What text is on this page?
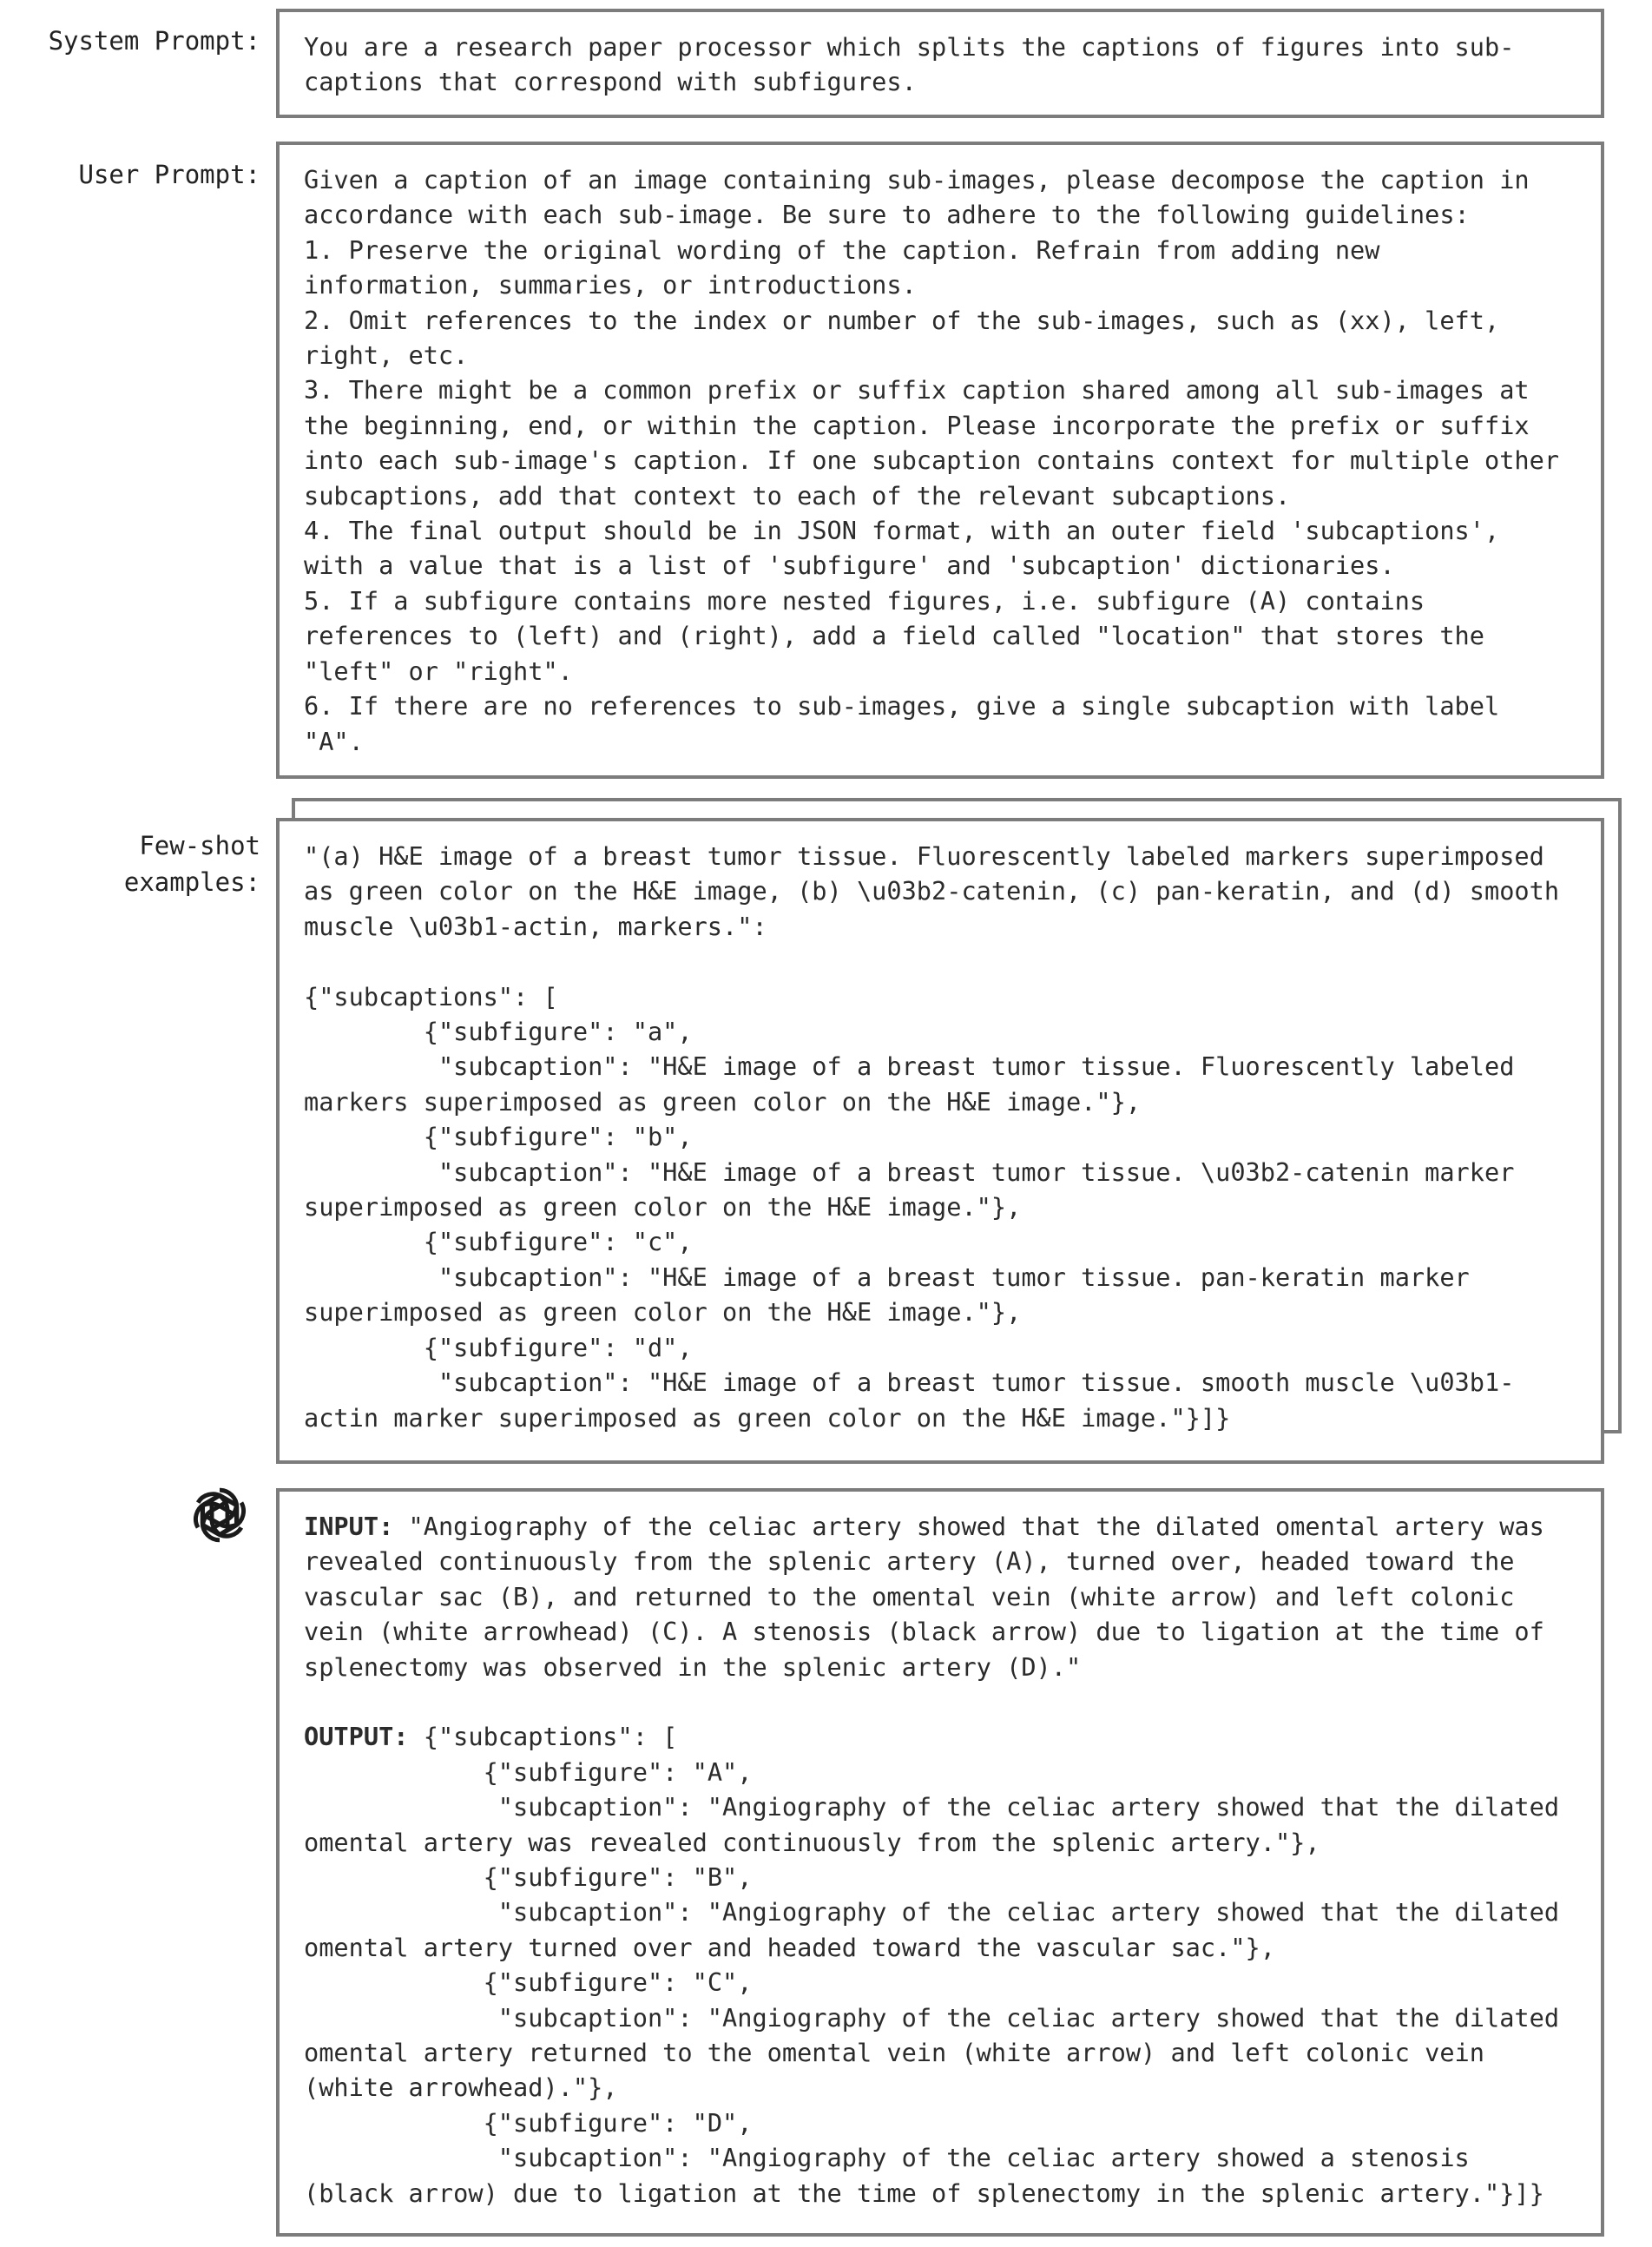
System Prompt: You are a research paper processor which splits the captions of figures into sub-
captions that correspond with subfigures.
User Prompt: Given a caption of an image containing sub-images, please decompose the caption in
accordance with each sub-image. Be sure to adhere to the following guidelines:
1. Preserve the original wording of the caption. Refrain from adding new
information, summaries, or introductions.
2. Omit references to the index or number of the sub-images, such as (xx), left,
right, etc.
3. There might be a common prefix or suffix caption shared among all sub-images at
the beginning, end, or within the caption. Please incorporate the prefix or suffix
into each sub-image's caption. If one subcaption contains context for multiple other
subcaptions, add that context to each of the relevant subcaptions.
4. The final output should be in JSON format, with an outer field 'subcaptions',
with a value that is a list of 'subfigure' and 'subcaption' dictionaries.
5. If a subfigure contains more nested figures, i.e. subfigure (A) contains
references to (left) and (right), add a field called "location" that stores the
"left" or "right".
6. If there are no references to sub-images, give a single subcaption with label
"A".
Few-shot
examples:
"(a) H&E image of a breast tumor tissue. Fluorescently labeled markers superimposed
as green color on the H&E image, (b) \u03b2-catenin, (c) pan-keratin, and (d) smooth
muscle \u03b1-actin, markers.":

{"subcaptions": [
{"subfigure": "a",
"subcaption": "H&E image of a breast tumor tissue. Fluorescently labeled
markers superimposed as green color on the H&E image."},
{"subfigure": "b",
"subcaption": "H&E image of a breast tumor tissue. \u03b2-catenin marker
superimposed as green color on the H&E image."},
{"subfigure": "c",
"subcaption": "H&E image of a breast tumor tissue. pan-keratin marker
superimposed as green color on the H&E image."},
{"subfigure": "d",
"subcaption": "H&E image of a breast tumor tissue. smooth muscle \u03b1-
actin marker superimposed as green color on the H&E image."}]}
INPUT: "Angiography of the celiac artery showed that the dilated omental artery was
revealed continuously from the splenic artery (A), turned over, headed toward the
vascular sac (B), and returned to the omental vein (white arrow) and left colonic
vein (white arrowhead) (C). A stenosis (black arrow) due to ligation at the time of
splenectomy was observed in the splenic artery (D)."
OUTPUT: {"subcaptions": [
{"subfigure": "A",
"subcaption": "Angiography of the celiac artery showed that the dilated
omental artery was revealed continuously from the splenic artery."},
{"subfigure": "B",
"subcaption": "Angiography of the celiac artery showed that the dilated
omental artery turned over and headed toward the vascular sac."},
{"subfigure": "C",
"subcaption": "Angiography of the celiac artery showed that the dilated
omental artery returned to the omental vein (white arrow) and left colonic vein
(white arrowhead)."},
{"subfigure": "D",
"subcaption": "Angiography of the celiac artery showed a stenosis
(black arrow) due to ligation at the time of splenectomy in the splenic artery."}]}
